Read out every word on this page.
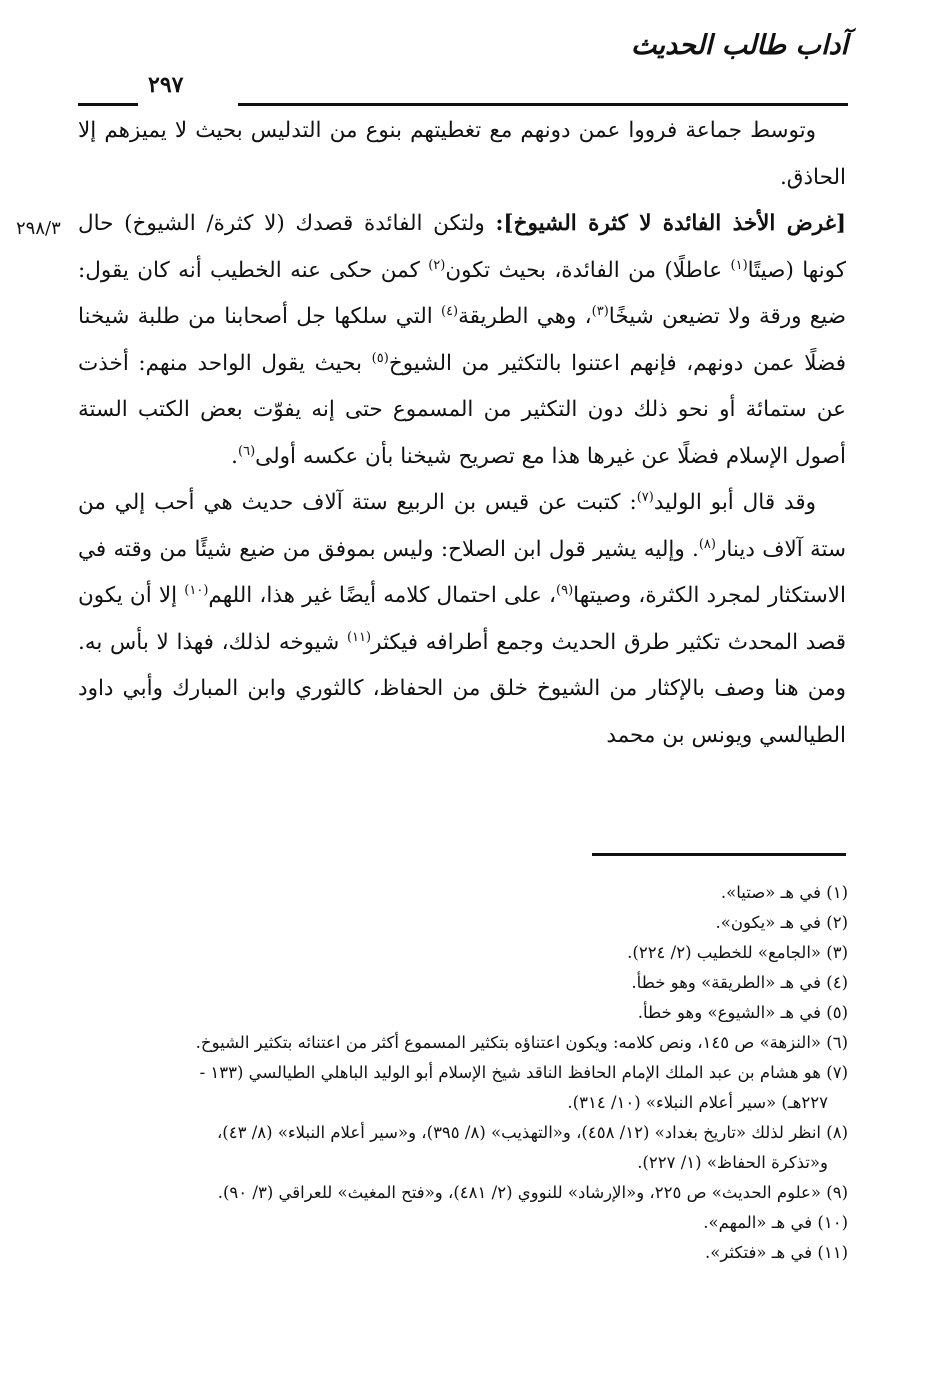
آداب طالب الحديث
٢٩٧
٢٩٨/٣

وتوسط جماعة فرووا عمن دونهم مع تغطيتهم بنوع من التدليس بحيث لا يميزهم إلا الحاذق.

[غرض الأخذ الفائدة لا كثرة الشيوخ]: ولتكن الفائدة قصدك (لا كثرة/ الشيوخ) حال كونها (صيتًا$^{(١)}$ عاطلًا) من الفائدة، بحيث تكون$^{(٢)}$ كمن حكى عنه الخطيب أنه كان يقول: ضيع ورقة ولا تضيعن شيخًا$^{(٣)}$، وهي الطريقة$^{(٤)}$ التي سلكها جل أصحابنا من طلبة شيخنا فضلًا عمن دونهم، فإنهم اعتنوا بالتكثير من الشيوخ$^{(٥)}$ بحيث يقول الواحد منهم: أخذت عن ستمائة أو نحو ذلك دون التكثير من المسموع حتى إنه يفوّت بعض الكتب الستة أصول الإسلام فضلًا عن غيرها هذا مع تصريح شيخنا بأن عكسه أولى$^{(٦)}$.

وقد قال أبو الوليد$^{(٧)}$: كتبت عن قيس بن الربيع ستة آلاف حديث هي أحب إلي من ستة آلاف دينار$^{(٨)}$. وإليه يشير قول ابن الصلاح: وليس بموفق من ضيع شيئًا من وقته في الاستكثار لمجرد الكثرة، وصيتها$^{(٩)}$، على احتمال كلامه أيضًا غير هذا، اللهم$^{(١٠)}$ إلا أن يكون قصد المحدث تكثير طرق الحديث وجمع أطرافه فيكثر$^{(١١)}$ شيوخه لذلك، فهذا لا بأس به. ومن هنا وصف بالإكثار من الشيوخ خلق من الحفاظ، كالثوري وابن المبارك وأبي داود الطيالسي ويونس بن محمد

(١) في هـ «صتيا».
(٢) في هـ «يكون».
(٣) «الجامع» للخطيب (٢/ ٢٢٤).
(٤) في هـ «الطريقة» وهو خطأ.
(٥) في هـ «الشيوع» وهو خطأ.
(٦) «النزهة» ص ١٤٥، ونص كلامه: ويكون اعتناؤه بتكثير المسموع أكثر من اعتنائه بتكثير الشيوخ.
(٧) هو هشام بن عبد الملك الإمام الحافظ الناقد شيخ الإسلام أبو الوليد الباهلي الطيالسي (١٣٣ -
٢٢٧هـ) «سير أعلام النبلاء» (١٠/ ٣١٤).
(٨) انظر لذلك «تاريخ بغداد» (١٢/ ٤٥٨)، و«التهذيب» (٨/ ٣٩٥)، و«سير أعلام النبلاء» (٨/ ٤٣)،
و«تذكرة الحفاظ» (١/ ٢٢٧).
(٩) «علوم الحديث» ص ٢٢٥، و«الإرشاد» للنووي (٢/ ٤٨١)، و«فتح المغيث» للعراقي (٣/ ٩٠).
(١٠) في هـ «المهم».
(١١) في هـ «فتكثر».
